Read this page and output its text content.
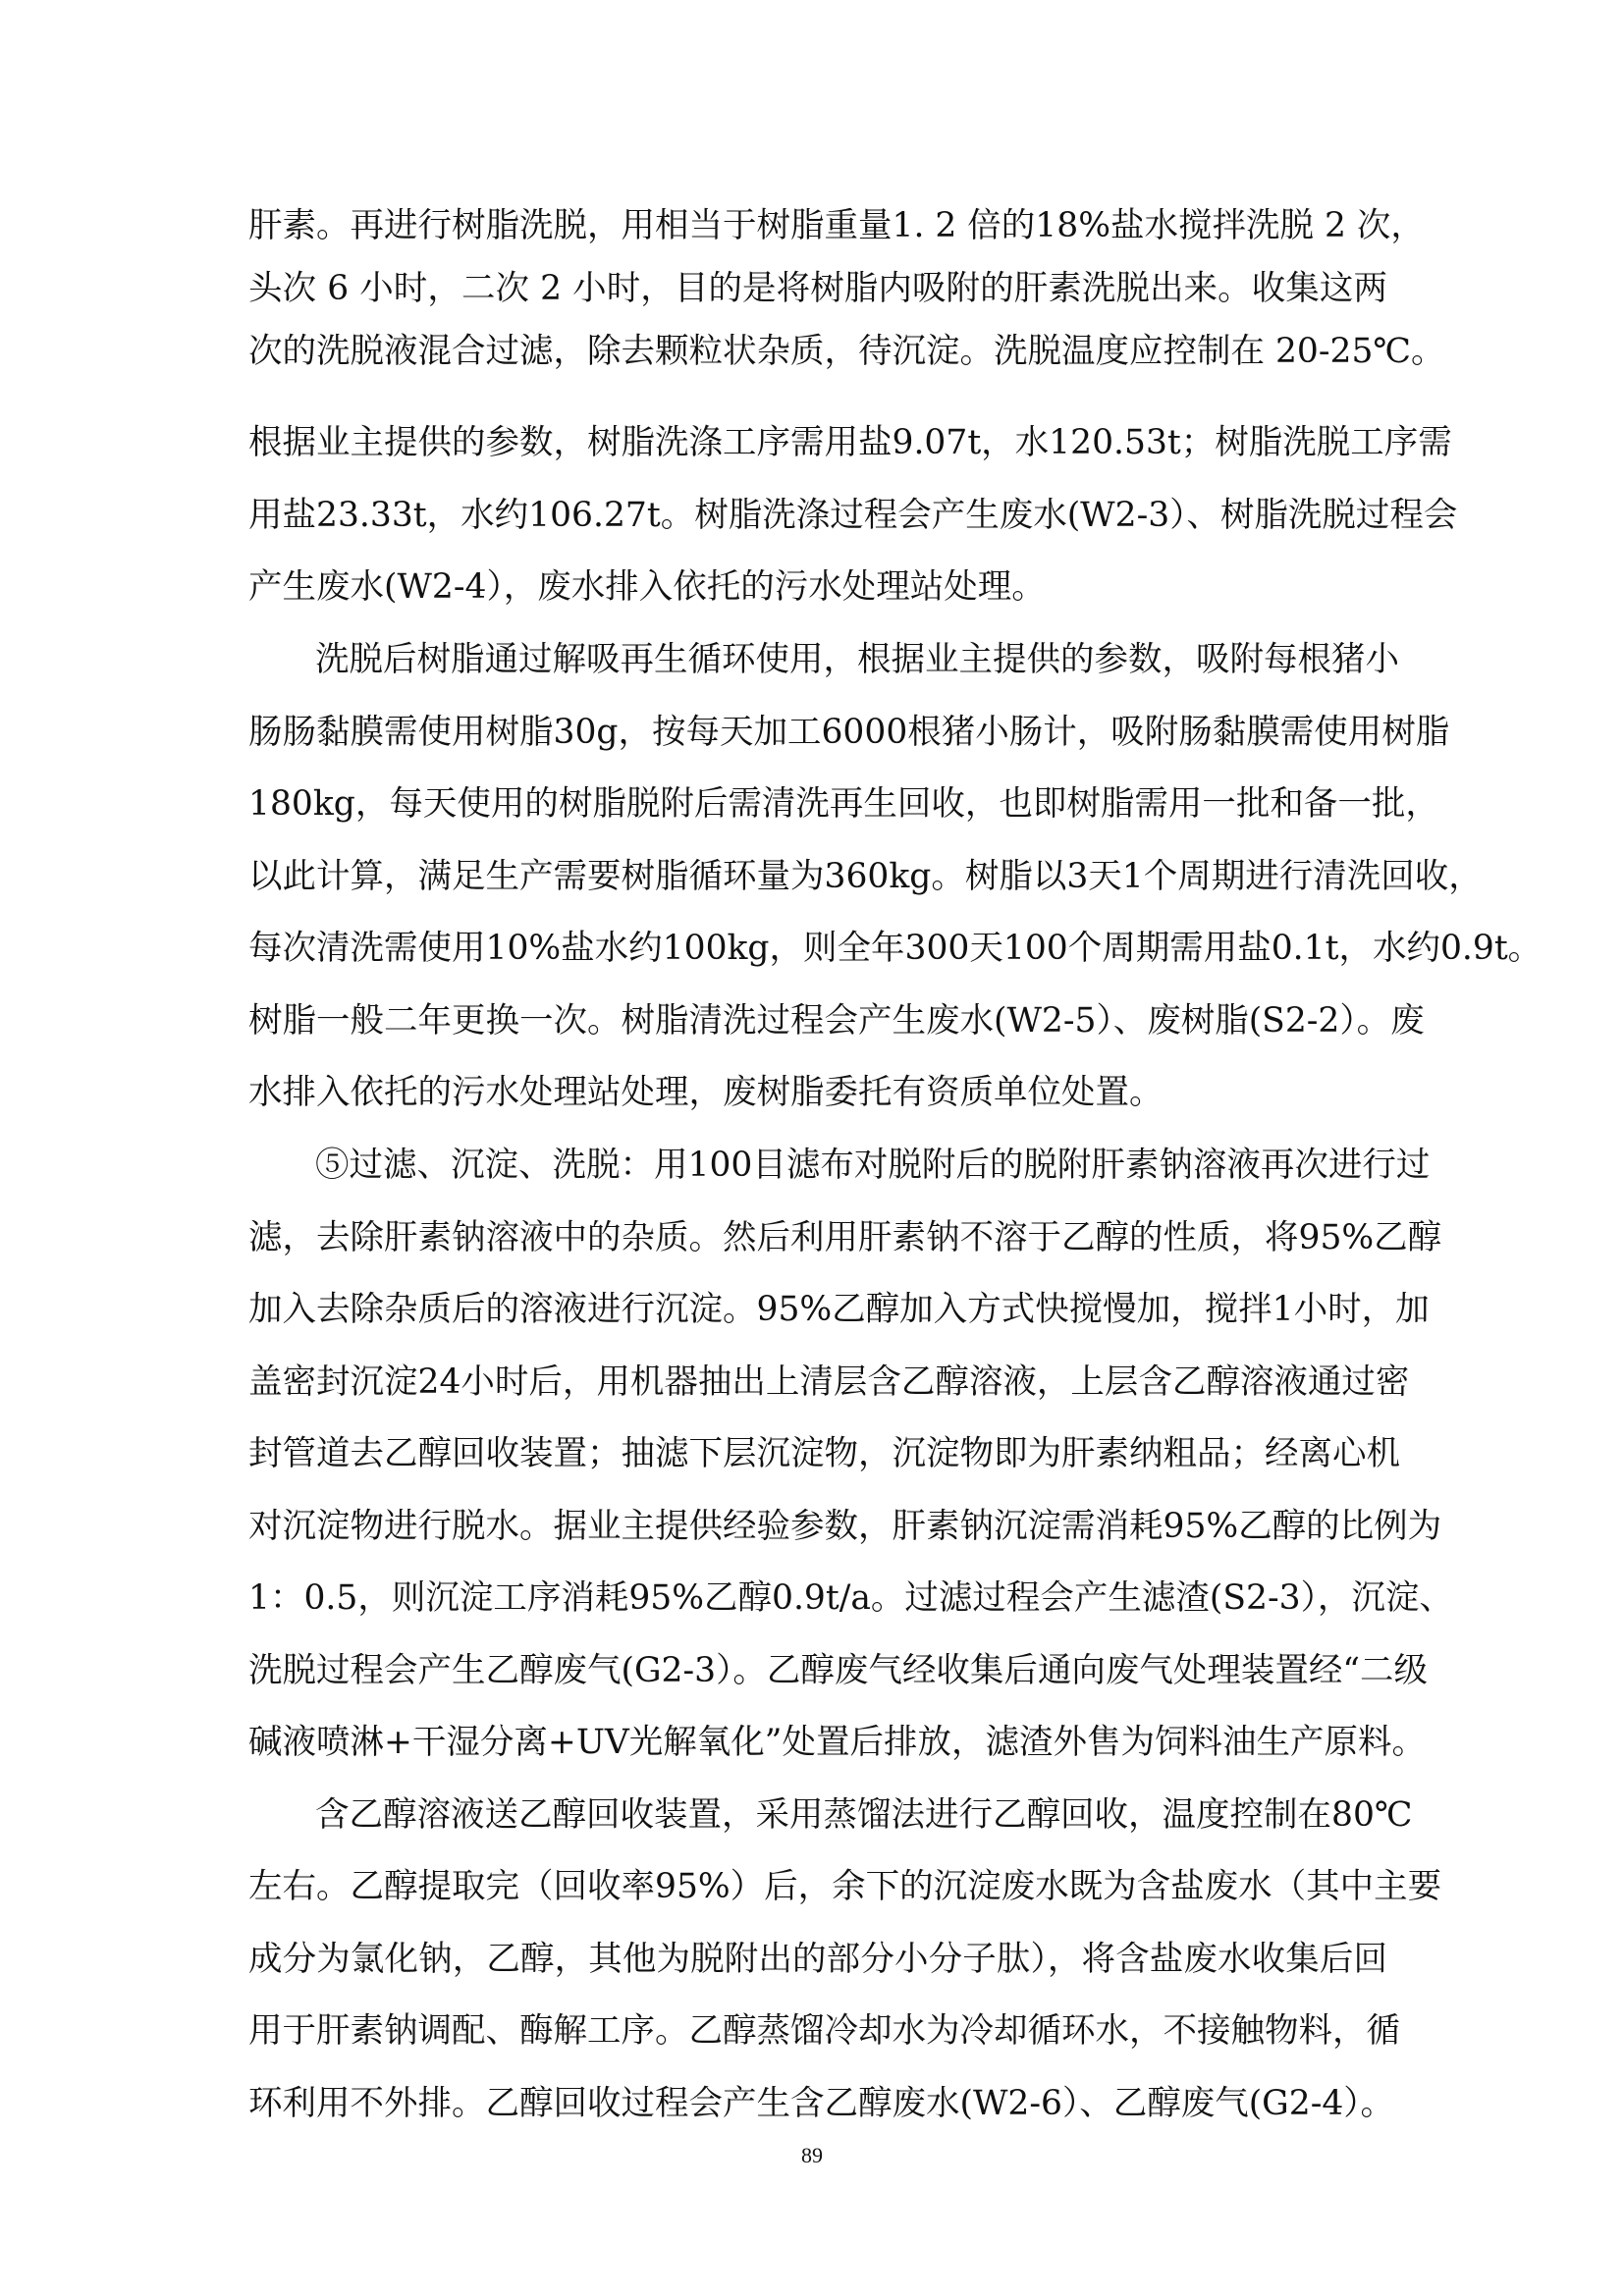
肝素。再进行树脂洗脱，用相当于树脂重量1. 2 倍的18%盐水搅拌洗脱 2 次，
头次 6 小时，二次 2 小时，目的是将树脂内吸附的肝素洗脱出来。收集这两
次的洗脱液混合过滤，除去颗粒状杂质，待沉淀。洗脱温度应控制在 20-25℃。
根据业主提供的参数，树脂洗涤工序需用盐9.07t，水120.53t；树脂洗脱工序需
用盐23.33t，水约106.27t。树脂洗涤过程会产生废水(W2-3）、树脂洗脱过程会
产生废水(W2-4），废水排入依托的污水处理站处理。
洗脱后树脂通过解吸再生循环使用，根据业主提供的参数，吸附每根猪小
肠肠黏膜需使用树脂30g，按每天加工6000根猪小肠计，吸附肠黏膜需使用树脂
180kg，每天使用的树脂脱附后需清洗再生回收，也即树脂需用一批和备一批，
以此计算，满足生产需要树脂循环量为360kg。树脂以3天1个周期进行清洗回收，
每次清洗需使用10%盐水约100kg，则全年300天100个周期需用盐0.1t，水约0.9t。
树脂一般二年更换一次。树脂清洗过程会产生废水(W2-5）、废树脂(S2-2）。废
水排入依托的污水处理站处理，废树脂委托有资质单位处置。
⑤过滤、沉淀、洗脱：用100目滤布对脱附后的脱附肝素钠溶液再次进行过
滤，去除肝素钠溶液中的杂质。然后利用肝素钠不溶于乙醇的性质，将95%乙醇
加入去除杂质后的溶液进行沉淀。95%乙醇加入方式快搅慢加，搅拌1小时，加
盖密封沉淀24小时后，用机器抽出上清层含乙醇溶液，上层含乙醇溶液通过密
封管道去乙醇回收装置；抽滤下层沉淀物，沉淀物即为肝素纳粗品；经离心机
对沉淀物进行脱水。据业主提供经验参数，肝素钠沉淀需消耗95%乙醇的比例为
1：0.5，则沉淀工序消耗95%乙醇0.9t/a。过滤过程会产生滤渣(S2-3），沉淀、
洗脱过程会产生乙醇废气(G2-3）。乙醇废气经收集后通向废气处理装置经“二级
碱液喷淋+干湿分离+UV光解氧化”处置后排放，滤渣外售为饲料油生产原料。
含乙醇溶液送乙醇回收装置，采用蒸馏法进行乙醇回收，温度控制在80℃
左右。乙醇提取完（回收率95%）后，余下的沉淀废水既为含盐废水（其中主要
成分为氯化钠，乙醇，其他为脱附出的部分小分子肽），将含盐废水收集后回
用于肝素钠调配、酶解工序。乙醇蒸馏冷却水为冷却循环水，不接触物料，循
环利用不外排。乙醇回收过程会产生含乙醇废水(W2-6）、乙醇废气(G2-4）。
89
